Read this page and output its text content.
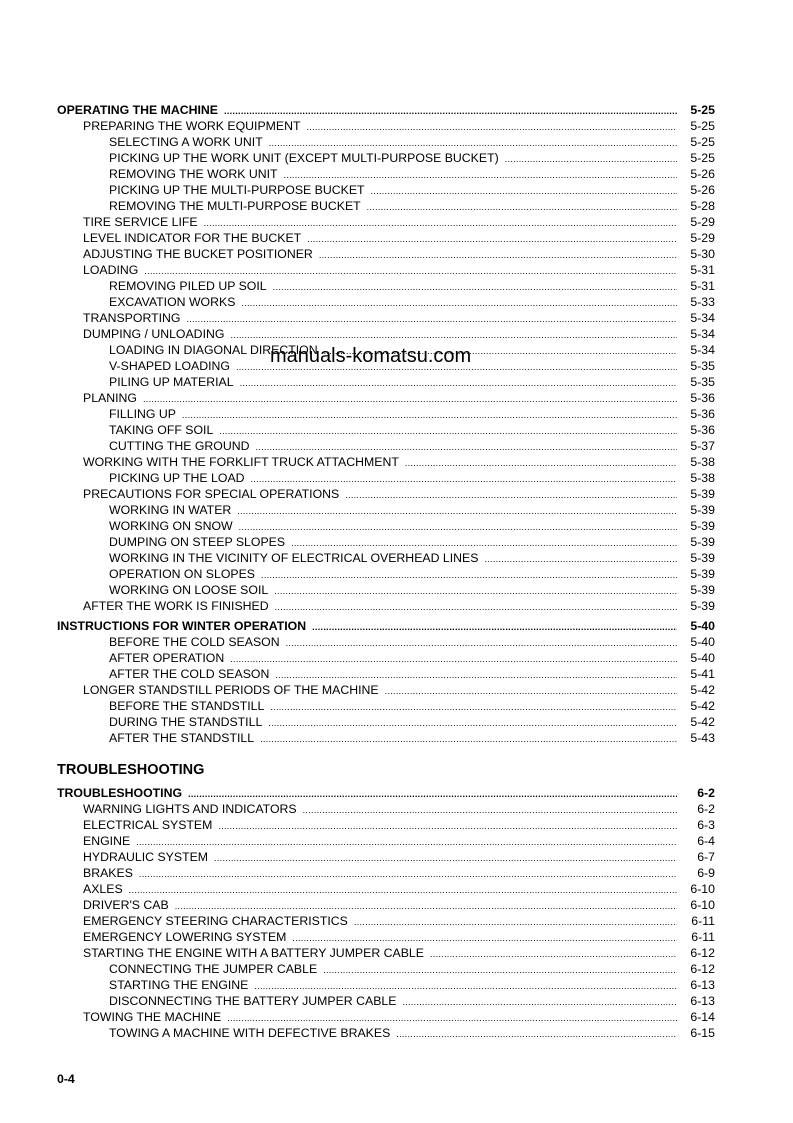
OPERATING THE MACHINE .....	5-25
PREPARING THE WORK EQUIPMENT .....	5-25
SELECTING A WORK UNIT .....	5-25
PICKING UP THE WORK UNIT (EXCEPT MULTI-PURPOSE BUCKET) .....	5-25
REMOVING THE WORK UNIT .....	5-26
PICKING UP THE MULTI-PURPOSE BUCKET .....	5-26
REMOVING THE MULTI-PURPOSE BUCKET .....	5-28
TIRE SERVICE LIFE .....	5-29
LEVEL INDICATOR FOR THE BUCKET .....	5-29
ADJUSTING THE BUCKET POSITIONER .....	5-30
LOADING .....	5-31
REMOVING PILED UP SOIL .....	5-31
EXCAVATION WORKS .....	5-33
TRANSPORTING .....	5-34
DUMPING / UNLOADING .....	5-34
LOADING IN DIAGONAL DIRECTION .....	5-34
V-SHAPED LOADING .....	5-35
PILING UP MATERIAL .....	5-35
PLANING .....	5-36
FILLING UP .....	5-36
TAKING OFF SOIL .....	5-36
CUTTING THE GROUND .....	5-37
WORKING WITH THE FORKLIFT TRUCK ATTACHMENT .....	5-38
PICKING UP THE LOAD .....	5-38
PRECAUTIONS FOR SPECIAL OPERATIONS .....	5-39
WORKING IN WATER .....	5-39
WORKING ON SNOW .....	5-39
DUMPING ON STEEP SLOPES .....	5-39
WORKING IN THE VICINITY OF ELECTRICAL OVERHEAD LINES .....	5-39
OPERATION ON SLOPES .....	5-39
WORKING ON LOOSE SOIL .....	5-39
AFTER THE WORK IS FINISHED .....	5-39
INSTRUCTIONS FOR WINTER OPERATION .....	5-40
BEFORE THE COLD SEASON .....	5-40
AFTER OPERATION .....	5-40
AFTER THE COLD SEASON .....	5-41
LONGER STANDSTILL PERIODS OF THE MACHINE .....	5-42
BEFORE THE STANDSTILL .....	5-42
DURING THE STANDSTILL .....	5-42
AFTER THE STANDSTILL .....	5-43
TROUBLESHOOTING
TROUBLESHOOTING .....	6-2
WARNING LIGHTS AND INDICATORS .....	6-2
ELECTRICAL SYSTEM .....	6-3
ENGINE .....	6-4
HYDRAULIC SYSTEM .....	6-7
BRAKES .....	6-9
AXLES .....	6-10
DRIVER'S CAB .....	6-10
EMERGENCY STEERING CHARACTERISTICS .....	6-11
EMERGENCY LOWERING SYSTEM .....	6-11
STARTING THE ENGINE WITH A BATTERY JUMPER CABLE .....	6-12
CONNECTING THE JUMPER CABLE .....	6-12
STARTING THE ENGINE .....	6-13
DISCONNECTING THE BATTERY JUMPER CABLE .....	6-13
TOWING THE MACHINE .....	6-14
TOWING A MACHINE WITH DEFECTIVE BRAKES .....	6-15
0-4
manuals-komatsu.com
